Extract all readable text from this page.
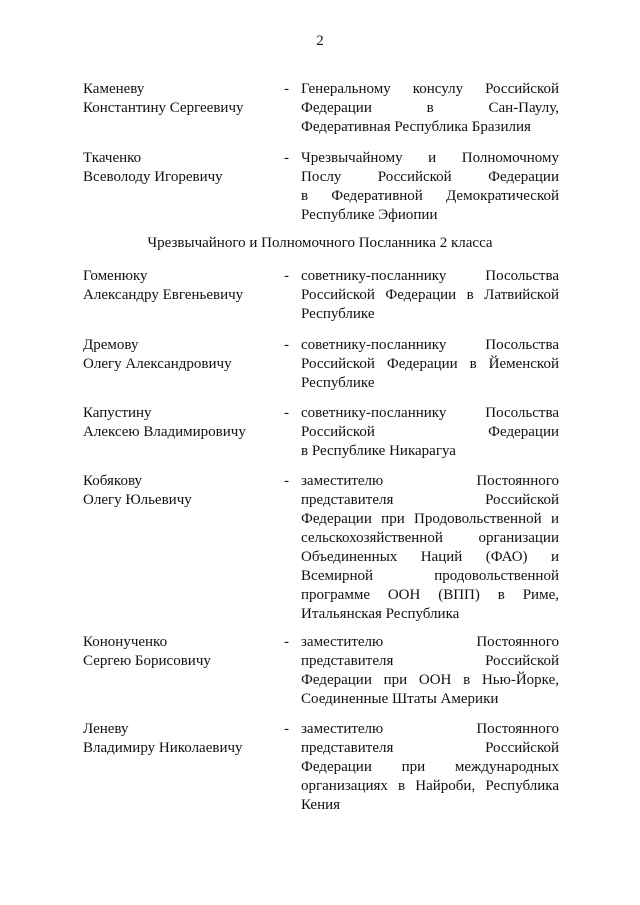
2
Каменеву
Константину Сергеевичу
- Генеральному консулу Российской
Федерации в Сан-Паулу,
Федеративная Республика Бразилия
Ткаченко
Всеволоду Игоревичу
- Чрезвычайному и Полномочному
Послу Российской Федерации
в Федеративной Демократической
Республике Эфиопии
Чрезвычайного и Полномочного Посланника 2 класса
Гоменюку
Александру Евгеньевичу
- советнику-посланнику Посольства
Российской Федерации в Латвийской
Республике
Дремову
Олегу Александровичу
- советнику-посланнику Посольства
Российской Федерации в Йеменской
Республике
Капустину
Алексею Владимировичу
- советнику-посланнику Посольства
Российской Федерации
в Республике Никарагуа
Кобякову
Олегу Юльевичу
- заместителю Постоянного
представителя Российской
Федерации при Продовольственной и
сельскохозяйственной организации
Объединенных Наций (ФАО) и
Всемирной продовольственной
программе ООН (ВПП) в Риме,
Итальянская Республика
Кононученко
Сергею Борисовичу
- заместителю Постоянного
представителя Российской
Федерации при ООН в Нью-Йорке,
Соединенные Штаты Америки
Леневу
Владимиру Николаевичу
- заместителю Постоянного
представителя Российской
Федерации при международных
организациях в Найроби, Республика
Кения
